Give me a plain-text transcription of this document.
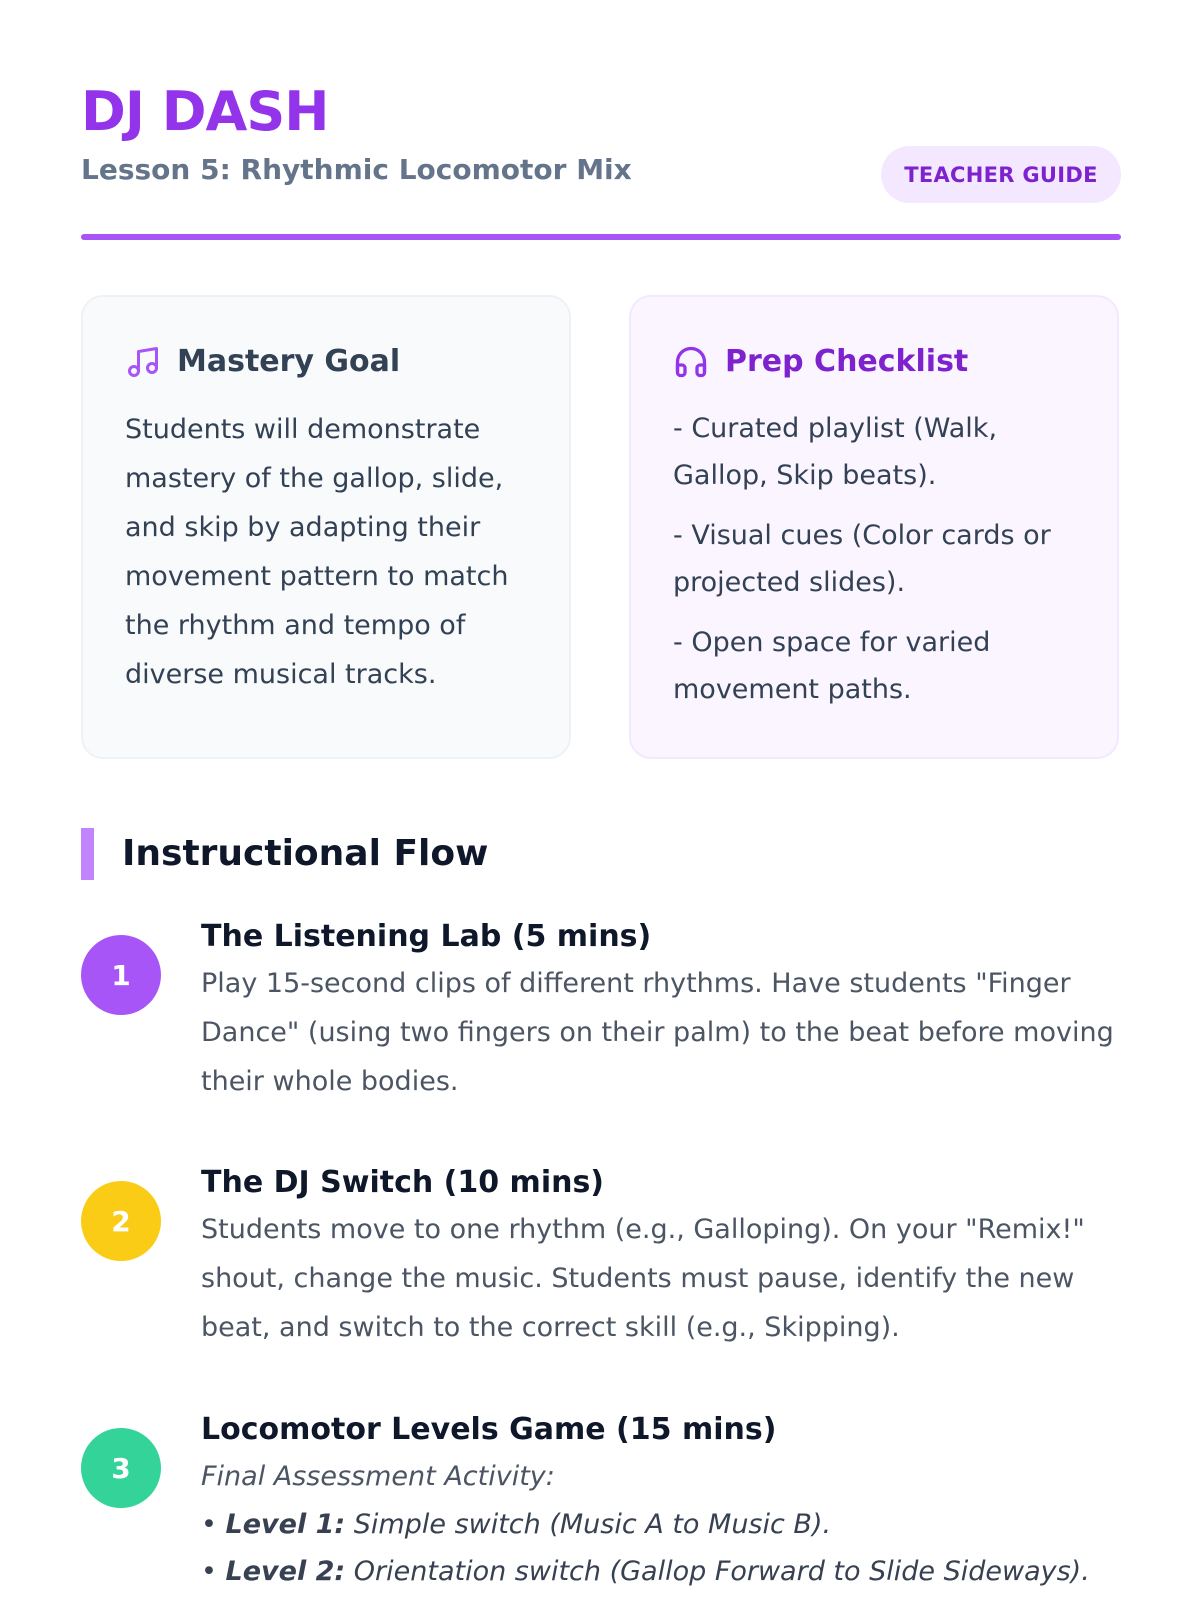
DJ DASH
Lesson 5: Rhythmic Locomotor Mix	TEACHER GUIDE
Mastery Goal
Students will demonstrate mastery of the gallop, slide, and skip by adapting their movement pattern to match the rhythm and tempo of diverse musical tracks.
Prep Checklist
- Curated playlist (Walk, Gallop, Skip beats).
- Visual cues (Color cards or projected slides).
- Open space for varied movement paths.
Instructional Flow
1
The Listening Lab (5 mins)
Play 15-second clips of different rhythms. Have students "Finger Dance" (using two fingers on their palm) to the beat before moving their whole bodies.
2
The DJ Switch (10 mins)
Students move to one rhythm (e.g., Galloping). On your "Remix!" shout, change the music. Students must pause, identify the new beat, and switch to the correct skill (e.g., Skipping).
3
Locomotor Levels Game (15 mins)
Final Assessment Activity:
• Level 1: Simple switch (Music A to Music B).
• Level 2: Orientation switch (Gallop Forward to Slide Sideways).
